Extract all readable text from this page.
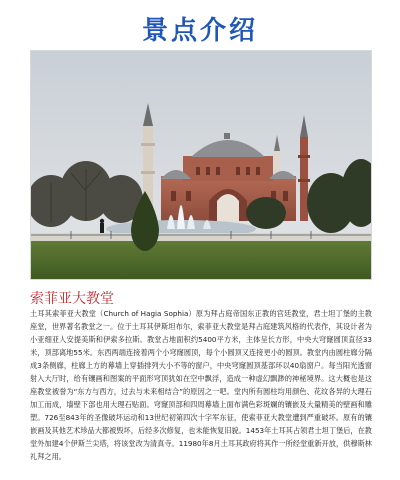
景点介绍
索菲亚大教堂

土耳其索菲亚大教堂（Church of Hagia Sophia）原为拜占庭帝国东正教的宫廷教堂，君士坦丁堡的主教座堂，世界著名教堂之一。位于土耳其伊斯坦布尔，索菲亚大教堂是拜占庭建筑风格的代表作，其设计者为小亚细亚人安提美斯和伊索多拉斯。教堂占地面积约5400平方米，主体呈长方形，中央大穹窿圆顶直径33米，顶部离地55米。东西两端连接着两个小穹窿圆顶，每个小圆顶又连接更小的圆顶。教堂内由圆柱廊分隔成3条侧廊，柱廊上方的幕墙上穿插排列大小不等的窗户，中央穹窿圆顶基部环以40扇窗户。每当阳光透窗射入大厅时，给有镶画和图案的平面形穹顶犹如在空中飘浮，造成一种虚幻飘渺的神秘境界。这大概也是这座教堂被誉为“东方与西方，过去与未来相结合”的原因之一吧。堂内所有圆柱均用颜色、花纹各异的大理石加工而成，墙壁下部也用大理石贴面。穹窿顶部和四周幕墙上面布满色彩斑斓的镶嵌及大量精美的壁画和雕塑。726至843年的圣像破坏运动和13世纪初第四次十字军东征，使索菲亚大教堂遭到严重破坏。原有的镶嵌画及其他艺术珍品大都被毁坏，后经多次修复，也未能恢复旧貌。1453年土耳其占领君士坦丁堡后，在教堂外加建4个伊斯兰尖塔，将该堂改为清真寺。11980年8月土耳其政府将其作一所经堂重新开放，供穆斯林礼拜之用。
